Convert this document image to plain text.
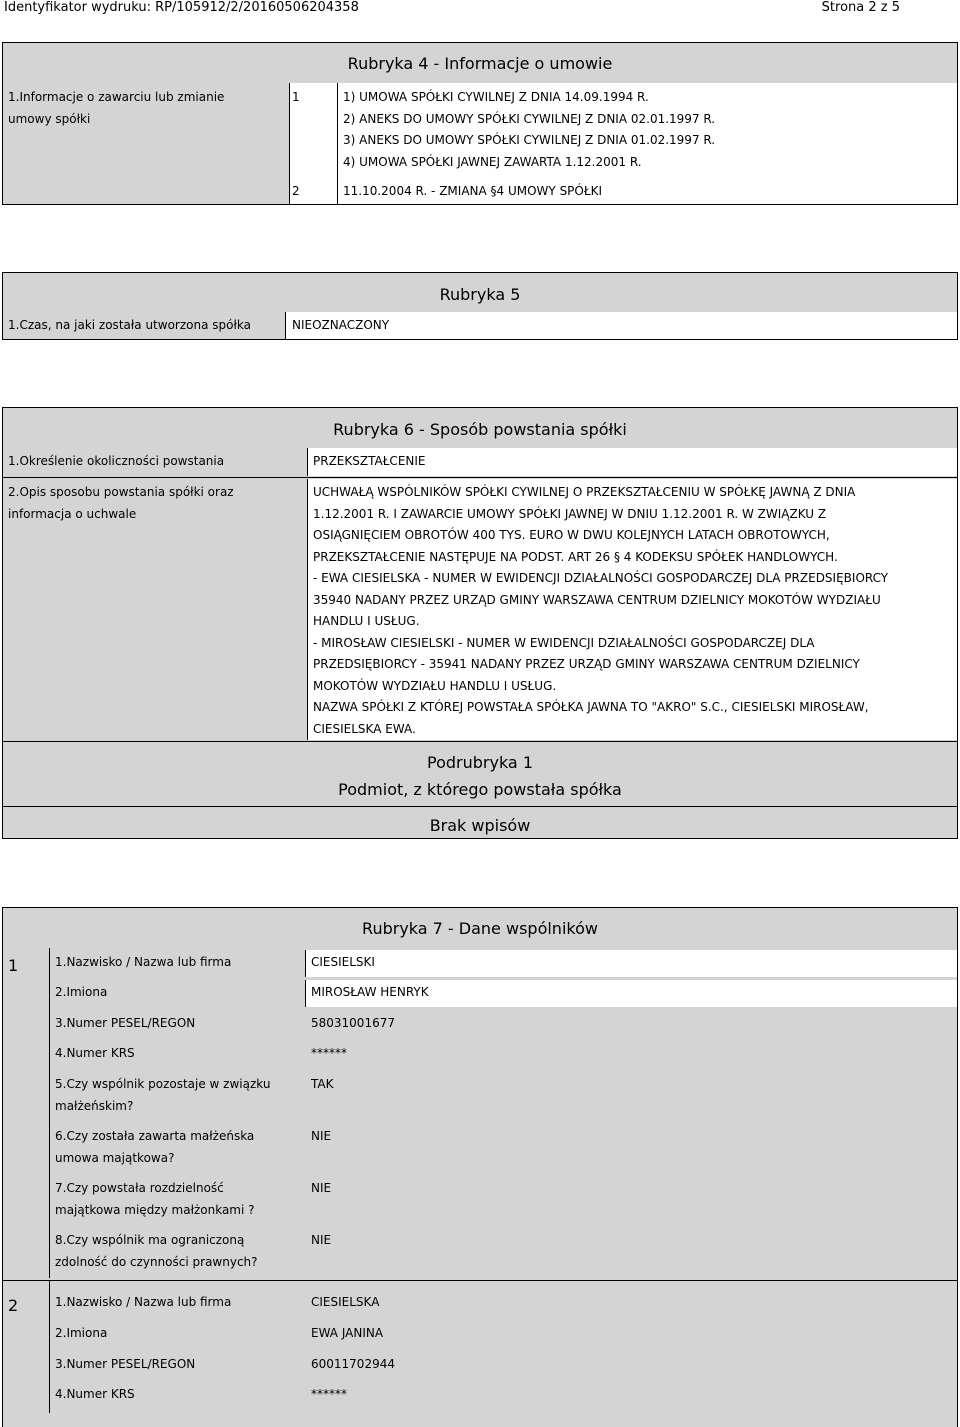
Identyfikator wydruku: RP/105912/2/20160506204358	Strona 2 z 5
Rubryka 4 - Informacje o umowie
1.Informacje o zawarciu lub zmianie
umowy spółki
1	1) UMOWA SPÓŁKI CYWILNEJ Z DNIA 14.09.1994 R.
2) ANEKS DO UMOWY SPÓŁKI CYWILNEJ Z DNIA 02.01.1997 R.
3) ANEKS DO UMOWY SPÓŁKI CYWILNEJ Z DNIA 01.02.1997 R.
4) UMOWA SPÓŁKI JAWNEJ ZAWARTA 1.12.2001 R.
2	11.10.2004 R. - ZMIANA §4 UMOWY SPÓŁKI
Rubryka 5
1.Czas, na jaki została utworzona spółka	NIEOZNACZONY
Rubryka 6 - Sposób powstania spółki
1.Określenie okoliczności powstania	PRZEKSZTAŁCENIE
2.Opis sposobu powstania spółki oraz
informacja o uchwale
UCHWAŁĄ WSPÓLNIKÓW SPÓŁKI CYWILNEJ O PRZEKSZTAŁCENIU W SPÓŁKĘ JAWNĄ Z DNIA
1.12.2001 R. I ZAWARCIE UMOWY SPÓŁKI JAWNEJ W DNIU 1.12.2001 R. W ZWIĄZKU Z
OSIĄGNIĘCIEM OBROTÓW 400 TYS. EURO W DWU KOLEJNYCH LATACH OBROTOWYCH,
PRZEKSZTAŁCENIE NASTĘPUJE NA PODST. ART 26 § 4 KODEKSU SPÓŁEK HANDLOWYCH.
- EWA CIESIELSKA - NUMER W EWIDENCJI DZIAŁALNOŚCI GOSPODARCZEJ DLA PRZEDSIĘBIORCY
35940 NADANY PRZEZ URZĄD GMINY WARSZAWA CENTRUM DZIELNICY MOKOTÓW WYDZIAŁU
HANDLU I USŁUG.
- MIROSŁAW CIESIELSKI - NUMER W EWIDENCJI DZIAŁALNOŚCI GOSPODARCZEJ DLA
PRZEDSIĘBIORCY - 35941 NADANY PRZEZ URZĄD GMINY WARSZAWA CENTRUM DZIELNICY
MOKOTÓW WYDZIAŁU HANDLU I USŁUG.
NAZWA SPÓŁKI Z KTÓREJ POWSTAŁA SPÓŁKA JAWNA TO "AKRO" S.C., CIESIELSKI MIROSŁAW,
CIESIELSKA EWA.
Podrubryka 1
Podmiot, z którego powstała spółka
Brak wpisów
Rubryka 7 - Dane wspólników
1	1.Nazwisko / Nazwa lub firma	CIESIELSKI
2.Imiona	MIROSŁAW HENRYK
3.Numer PESEL/REGON	58031001677
4.Numer KRS	******
5.Czy wspólnik pozostaje w związku
małżeńskim?
TAK
6.Czy została zawarta małżeńska
umowa majątkowa?
NIE
7.Czy powstała rozdzielność
majątkowa między małżonkami ?
NIE
8.Czy wspólnik ma ograniczoną
zdolność do czynności prawnych?
NIE
2	1.Nazwisko / Nazwa lub firma	CIESIELSKA
2.Imiona	EWA JANINA
3.Numer PESEL/REGON	60011702944
4.Numer KRS	******
